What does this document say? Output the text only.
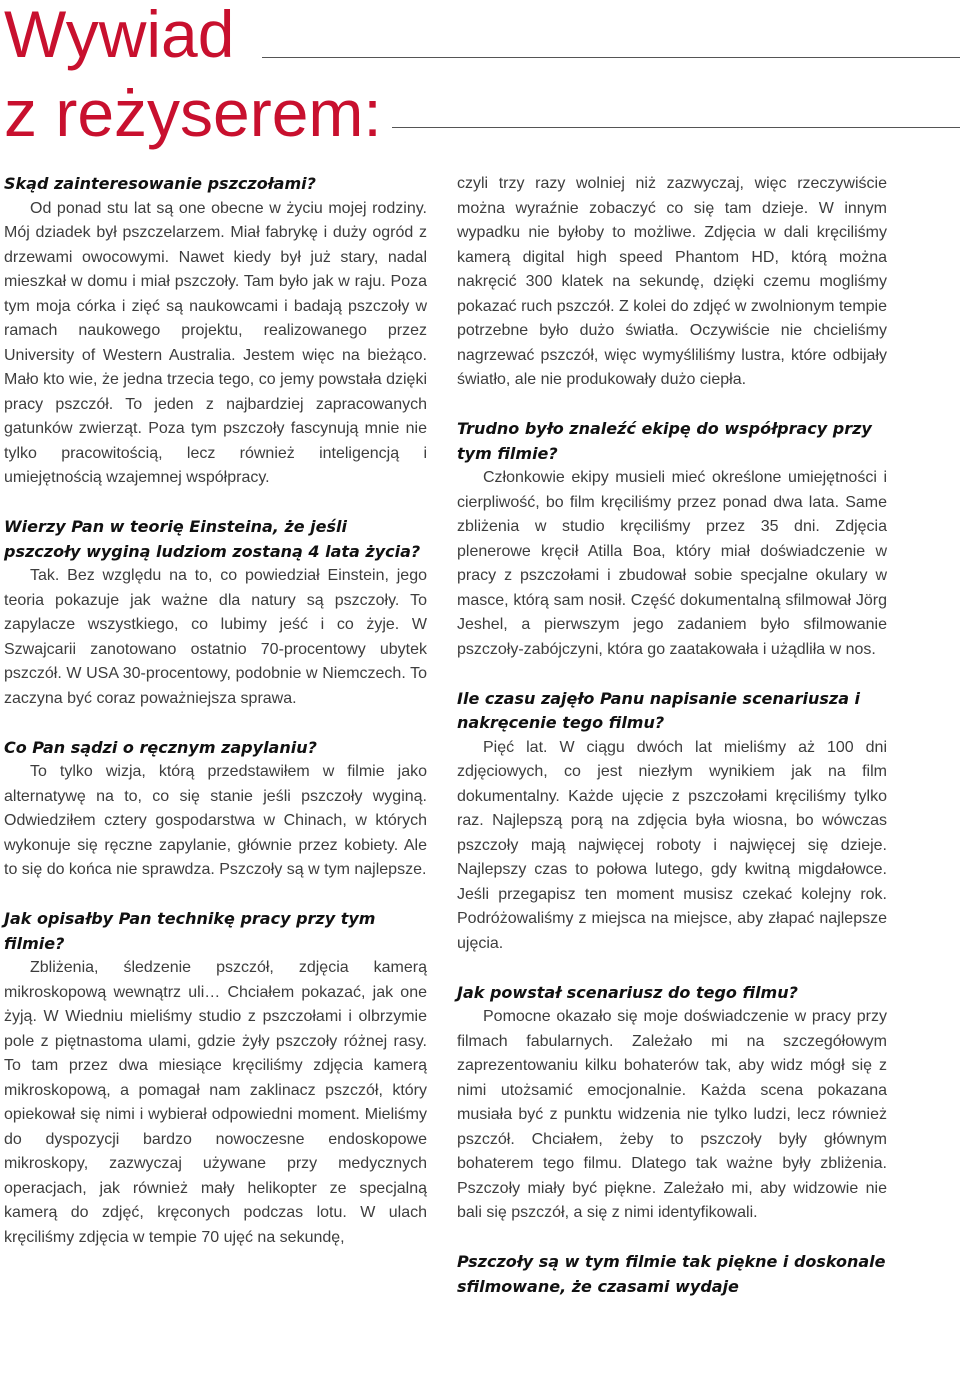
Wywiad
z reżyserem:

Skąd zainteresowanie pszczołami?

Od ponad stu lat są one obecne w życiu mojej rodziny. Mój dziadek był pszczelarzem. Miał fabrykę i duży ogród z drzewami owocowymi. Nawet kiedy był już stary, nadal mieszkał w domu i miał pszczoły. Tam było jak w raju. Poza tym moja córka i zięć są naukowcami i badają pszczoły w ramach naukowego projektu, realizowanego przez University of Western Australia. Jestem więc na bieżąco. Mało kto wie, że jedna trzecia tego, co jemy powstała dzięki pracy pszczół. To jeden z najbardziej zapracowanych gatunków zwierząt. Poza tym pszczoły fascynują mnie nie tylko pracowitością, lecz również inteligencją i umiejętnością wzajemnej współpracy.

Wierzy Pan w teorię Einsteina, że jeśli pszczoły wyginą ludziom zostaną 4 lata życia?

Tak. Bez względu na to, co powiedział Einstein, jego teoria pokazuje jak ważne dla natury są pszczoły. To zapylacze wszystkiego, co lubimy jeść i co żyje. W Szwajcarii zanotowano ostatnio 70-procentowy ubytek pszczół. W USA 30-procentowy, podobnie w Niemczech. To zaczyna być coraz poważniejsza sprawa.

Co Pan sądzi o ręcznym zapylaniu?

To tylko wizja, którą przedstawiłem w filmie jako alternatywę na to, co się stanie jeśli pszczoły wyginą. Odwiedziłem cztery gospodarstwa w Chinach, w których wykonuje się ręczne zapylanie, głównie przez kobiety. Ale to się do końca nie sprawdza. Pszczoły są w tym najlepsze.

Jak opisałby Pan technikę pracy przy tym filmie?

Zbliżenia, śledzenie pszczół, zdjęcia kamerą mikroskopową wewnątrz uli… Chciałem pokazać, jak one żyją. W Wiedniu mieliśmy studio z pszczołami i olbrzymie pole z piętnastoma ulami, gdzie żyły pszczoły różnej rasy. To tam przez dwa miesiące kręciliśmy zdjęcia kamerą mikroskopową, a pomagał nam zaklinacz pszczół, który opiekował się nimi i wybierał odpowiedni moment. Mieliśmy do dyspozycji bardzo nowoczesne endoskopowe mikroskopy, zazwyczaj używane przy medycznych operacjach, jak również mały helikopter ze specjalną kamerą do zdjęć, kręconych podczas lotu. W ulach kręciliśmy zdjęcia w tempie 70 ujęć na sekundę,

czyli trzy razy wolniej niż zazwyczaj, więc rzeczywiście można wyraźnie zobaczyć co się tam dzieje. W innym wypadku nie byłoby to możliwe. Zdjęcia w dali kręciliśmy kamerą digital high speed Phantom HD, którą można nakręcić 300 klatek na sekundę, dzięki czemu mogliśmy pokazać ruch pszczół. Z kolei do zdjęć w zwolnionym tempie potrzebne było dużo światła. Oczywiście nie chcieliśmy nagrzewać pszczół, więc wymyśliliśmy lustra, które odbijały światło, ale nie produkowały dużo ciepła.

Trudno było znaleźć ekipę do współpracy przy tym filmie?

Członkowie ekipy musieli mieć określone umiejętności i cierpliwość, bo film kręciliśmy przez ponad dwa lata. Same zbliżenia w studio kręciliśmy przez 35 dni. Zdjęcia plenerowe kręcił Atilla Boa, który miał doświadczenie w pracy z pszczołami i zbudował sobie specjalne okulary w masce, którą sam nosił. Część dokumentalną sfilmował Jörg Jeshel, a pierwszym jego zadaniem było sfilmowanie pszczoły-zabójczyni, która go zaatakowała i użądliła w nos.

Ile czasu zajęło Panu napisanie scenariusza i nakręcenie tego filmu?

Pięć lat. W ciągu dwóch lat mieliśmy aż 100 dni zdjęciowych, co jest niezłym wynikiem jak na film dokumentalny. Każde ujęcie z pszczołami kręciliśmy tylko raz. Najlepszą porą na zdjęcia była wiosna, bo wówczas pszczoły mają najwięcej roboty i najwięcej się dzieje. Najlepszy czas to połowa lutego, gdy kwitną migdałowce. Jeśli przegapisz ten moment musisz czekać kolejny rok. Podróżowaliśmy z miejsca na miejsce, aby złapać najlepsze ujęcia.

Jak powstał scenariusz do tego filmu?

Pomocne okazało się moje doświadczenie w pracy przy filmach fabularnych. Zależało mi na szczegółowym zaprezentowaniu kilku bohaterów tak, aby widz mógł się z nimi utożsamić emocjonalnie. Każda scena pokazana musiała być z punktu widzenia nie tylko ludzi, lecz również pszczół. Chciałem, żeby to pszczoły były głównym bohaterem tego filmu. Dlatego tak ważne były zbliżenia. Pszczoły miały być piękne. Zależało mi, aby widzowie nie bali się pszczół, a się z nimi identyfikowali.

Pszczoły są w tym filmie tak piękne i doskonale sfilmowane, że czasami wydaje
